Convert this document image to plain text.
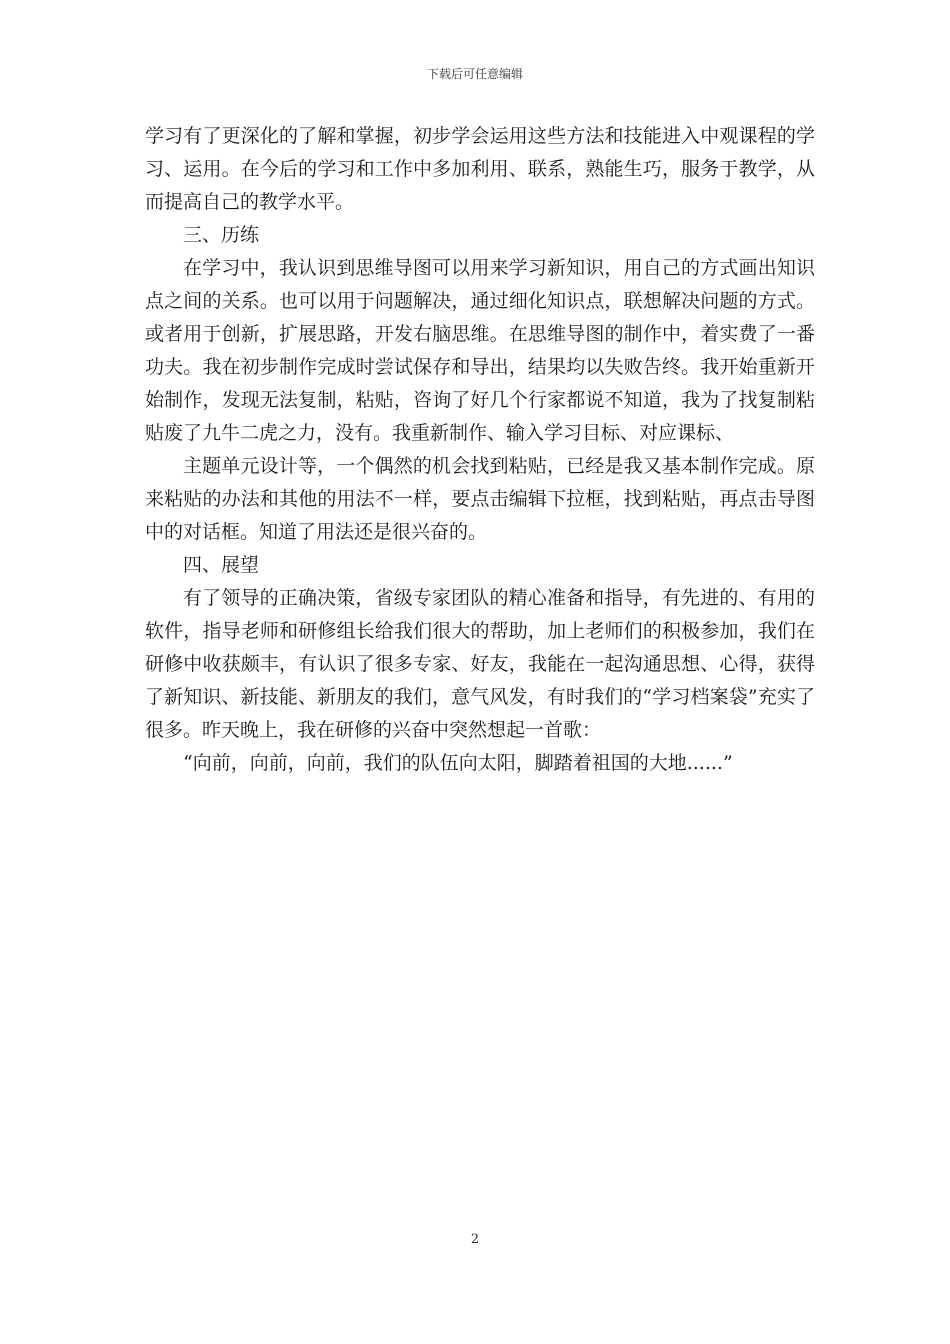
下载后可任意编辑

学习有了更深化的了解和掌握，初步学会运用这些方法和技能进入中观课程的学习、运用。在今后的学习和工作中多加利用、联系，熟能生巧，服务于教学，从而提高自己的教学水平。

三、历练

在学习中，我认识到思维导图可以用来学习新知识，用自己的方式画出知识点之间的关系。也可以用于问题解决，通过细化知识点，联想解决问题的方式。或者用于创新，扩展思路，开发右脑思维。在思维导图的制作中，着实费了一番功夫。我在初步制作完成时尝试保存和导出，结果均以失败告终。我开始重新开始制作，发现无法复制，粘贴，咨询了好几个行家都说不知道，我为了找复制粘贴废了九牛二虎之力，没有。我重新制作、输入学习目标、对应课标、

主题单元设计等，一个偶然的机会找到粘贴，已经是我又基本制作完成。原来粘贴的办法和其他的用法不一样，要点击编辑下拉框，找到粘贴，再点击导图中的对话框。知道了用法还是很兴奋的。

四、展望

有了领导的正确决策，省级专家团队的精心准备和指导，有先进的、有用的软件，指导老师和研修组长给我们很大的帮助，加上老师们的积极参加，我们在研修中收获颇丰，有认识了很多专家、好友，我能在一起沟通思想、心得，获得了新知识、新技能、新朋友的我们，意气风发，有时我们的“学习档案袋”充实了很多。昨天晚上，我在研修的兴奋中突然想起一首歌：

“向前，向前，向前，我们的队伍向太阳，脚踏着祖国的大地......”

2
